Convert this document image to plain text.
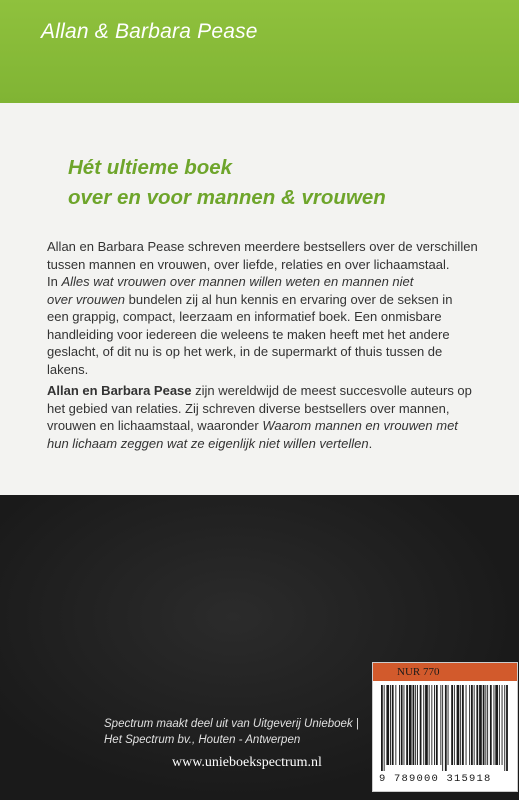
Allan & Barbara Pease
Hét ultieme boek
over en voor mannen & vrouwen
Allan en Barbara Pease schreven meerdere bestsellers over de verschillen
tussen mannen en vrouwen, over liefde, relaties en over lichaamstaal.
In Alles wat vrouwen over mannen willen weten en mannen niet
over vrouwen bundelen zij al hun kennis en ervaring over de seksen in
een grappig, compact, leerzaam en informatief boek. Een onmisbare
handleiding voor iedereen die weleens te maken heeft met het andere
geslacht, of dit nu is op het werk, in de supermarkt of thuis tussen de
lakens.
Allan en Barbara Pease zijn wereldwijd de meest succesvolle auteurs op
het gebied van relaties. Zij schreven diverse bestsellers over mannen,
vrouwen en lichaamstaal, waaronder Waarom mannen en vrouwen met
hun lichaam zeggen wat ze eigenlijk niet willen vertellen.
Spectrum maakt deel uit van Uitgeverij Unieboek |
Het Spectrum bv., Houten - Antwerpen
www.unieboekspectrum.nl
NUR 770
9 789000 315918
